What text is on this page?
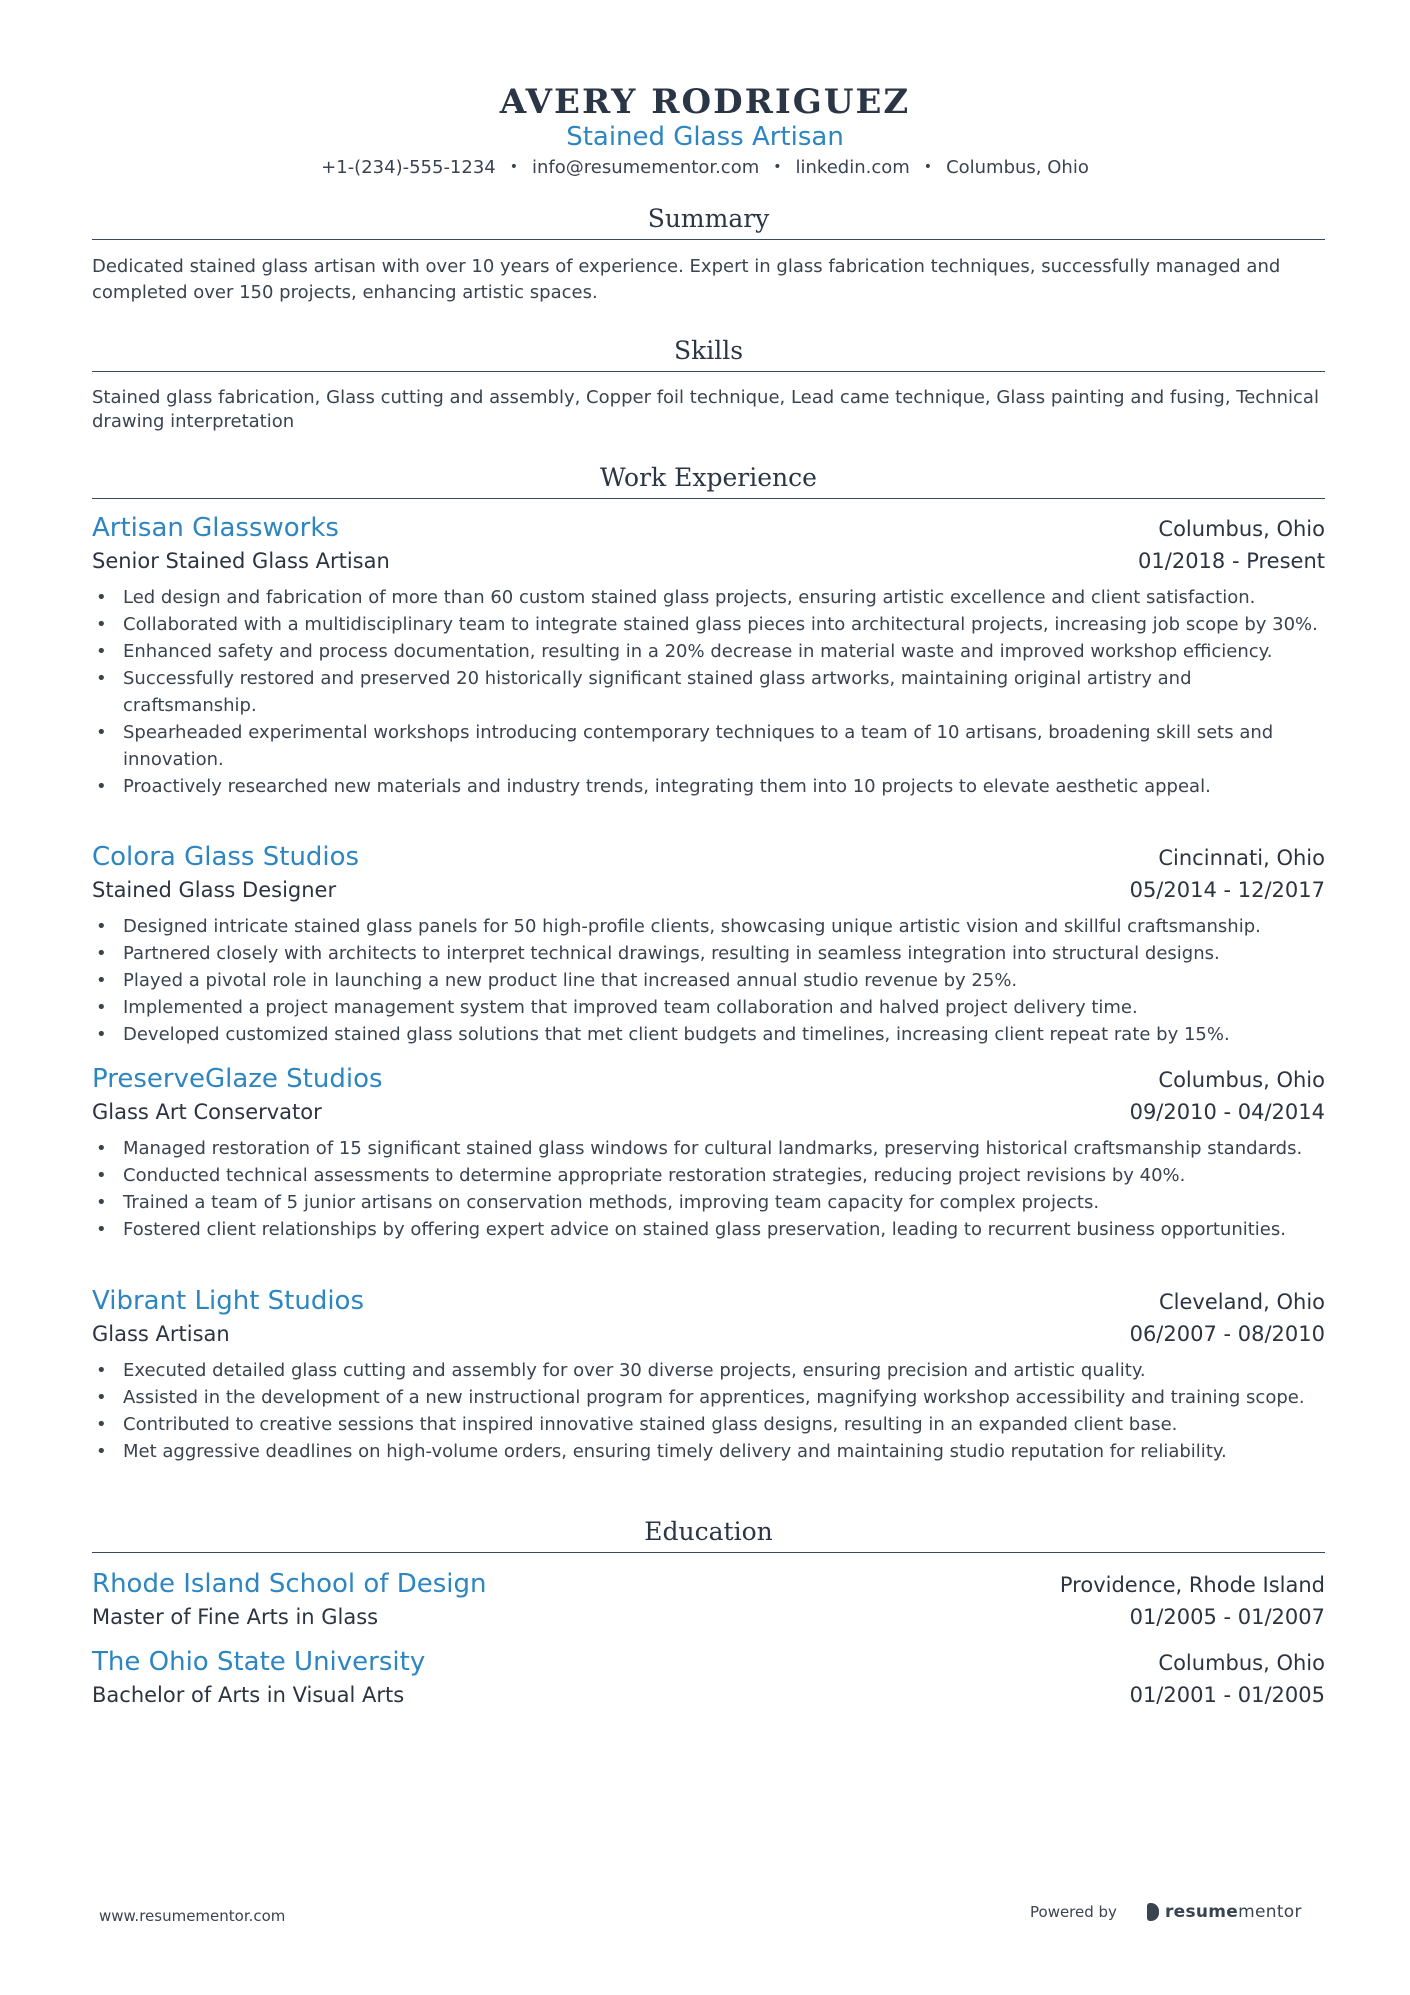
AVERY RODRIGUEZ
Stained Glass Artisan
+1-(234)-555-1234 • info@resumementor.com • linkedin.com • Columbus, Ohio
Summary
Dedicated stained glass artisan with over 10 years of experience. Expert in glass fabrication techniques, successfully managed and completed over 150 projects, enhancing artistic spaces.
Skills
Stained glass fabrication, Glass cutting and assembly, Copper foil technique, Lead came technique, Glass painting and fusing, Technical drawing interpretation
Work Experience
Artisan Glassworks	Columbus, Ohio
Senior Stained Glass Artisan	01/2018 - Present
• Led design and fabrication of more than 60 custom stained glass projects, ensuring artistic excellence and client satisfaction.
• Collaborated with a multidisciplinary team to integrate stained glass pieces into architectural projects, increasing job scope by 30%.
• Enhanced safety and process documentation, resulting in a 20% decrease in material waste and improved workshop efficiency.
• Successfully restored and preserved 20 historically significant stained glass artworks, maintaining original artistry and craftsmanship.
• Spearheaded experimental workshops introducing contemporary techniques to a team of 10 artisans, broadening skill sets and innovation.
• Proactively researched new materials and industry trends, integrating them into 10 projects to elevate aesthetic appeal.
Colora Glass Studios	Cincinnati, Ohio
Stained Glass Designer	05/2014 - 12/2017
• Designed intricate stained glass panels for 50 high-profile clients, showcasing unique artistic vision and skillful craftsmanship.
• Partnered closely with architects to interpret technical drawings, resulting in seamless integration into structural designs.
• Played a pivotal role in launching a new product line that increased annual studio revenue by 25%.
• Implemented a project management system that improved team collaboration and halved project delivery time.
• Developed customized stained glass solutions that met client budgets and timelines, increasing client repeat rate by 15%.
PreserveGlaze Studios	Columbus, Ohio
Glass Art Conservator	09/2010 - 04/2014
• Managed restoration of 15 significant stained glass windows for cultural landmarks, preserving historical craftsmanship standards.
• Conducted technical assessments to determine appropriate restoration strategies, reducing project revisions by 40%.
• Trained a team of 5 junior artisans on conservation methods, improving team capacity for complex projects.
• Fostered client relationships by offering expert advice on stained glass preservation, leading to recurrent business opportunities.
Vibrant Light Studios	Cleveland, Ohio
Glass Artisan	06/2007 - 08/2010
• Executed detailed glass cutting and assembly for over 30 diverse projects, ensuring precision and artistic quality.
• Assisted in the development of a new instructional program for apprentices, magnifying workshop accessibility and training scope.
• Contributed to creative sessions that inspired innovative stained glass designs, resulting in an expanded client base.
• Met aggressive deadlines on high-volume orders, ensuring timely delivery and maintaining studio reputation for reliability.
Education
Rhode Island School of Design	Providence, Rhode Island
Master of Fine Arts in Glass	01/2005 - 01/2007
The Ohio State University	Columbus, Ohio
Bachelor of Arts in Visual Arts	01/2001 - 01/2005
www.resumementor.com	Powered by	resumementor
